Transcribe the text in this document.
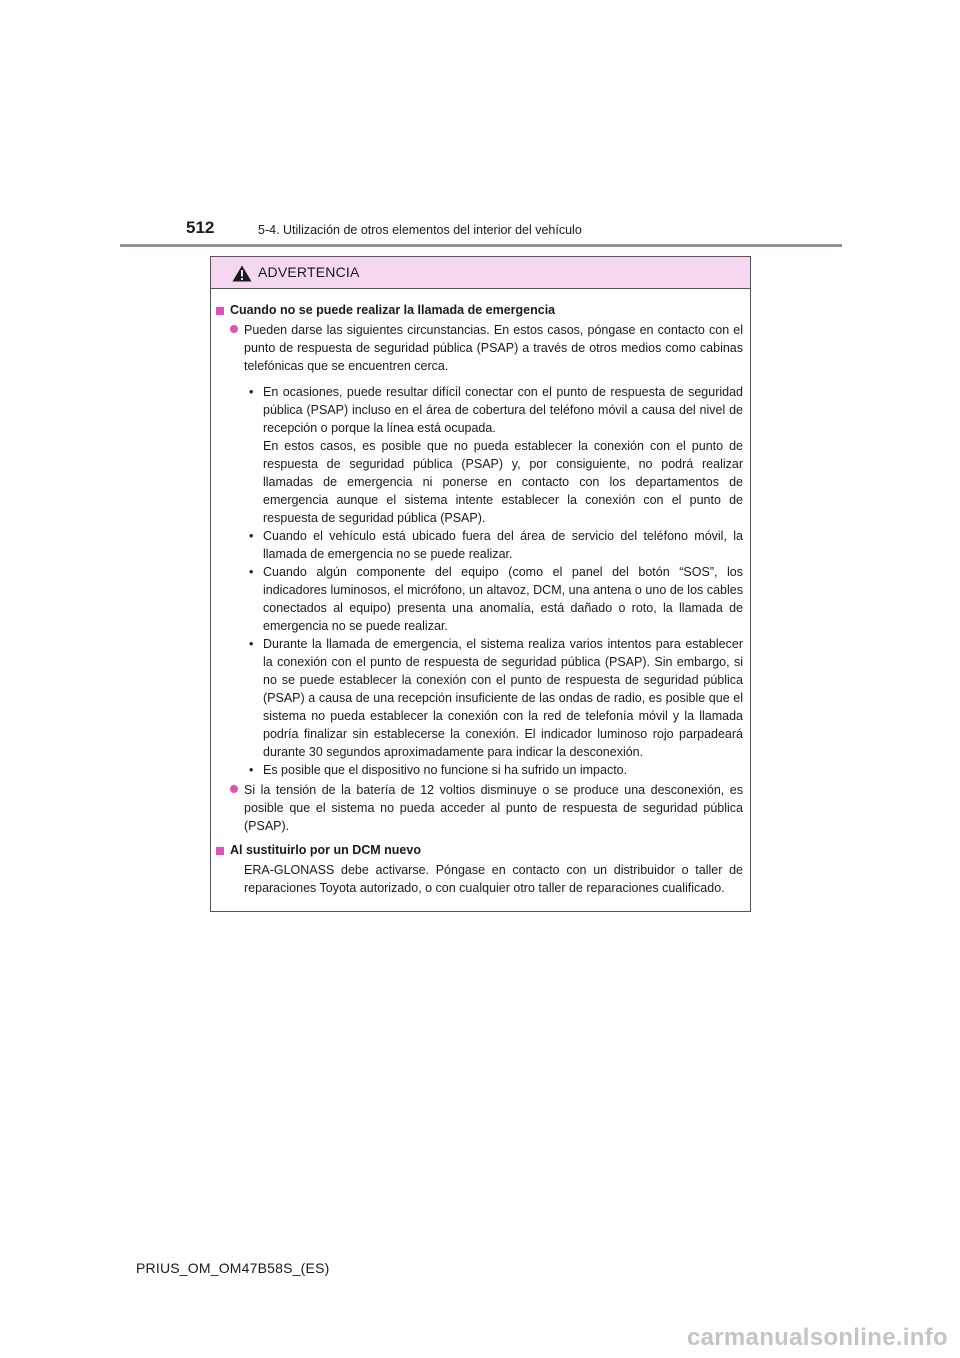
512	5-4. Utilización de otros elementos del interior del vehículo
ADVERTENCIA
Cuando no se puede realizar la llamada de emergencia
Pueden darse las siguientes circunstancias. En estos casos, póngase en contacto con el punto de respuesta de seguridad pública (PSAP) a través de otros medios como cabinas telefónicas que se encuentren cerca.
• En ocasiones, puede resultar difícil conectar con el punto de respuesta de seguridad pública (PSAP) incluso en el área de cobertura del teléfono móvil a causa del nivel de recepción o porque la línea está ocupada.
En estos casos, es posible que no pueda establecer la conexión con el punto de respuesta de seguridad pública (PSAP) y, por consiguiente, no podrá realizar llamadas de emergencia ni ponerse en contacto con los departamentos de emergencia aunque el sistema intente establecer la conexión con el punto de respuesta de seguridad pública (PSAP).
• Cuando el vehículo está ubicado fuera del área de servicio del teléfono móvil, la llamada de emergencia no se puede realizar.
• Cuando algún componente del equipo (como el panel del botón “SOS”, los indicadores luminosos, el micrófono, un altavoz, DCM, una antena o uno de los cables conectados al equipo) presenta una anomalía, está dañado o roto, la llamada de emergencia no se puede realizar.
• Durante la llamada de emergencia, el sistema realiza varios intentos para establecer la conexión con el punto de respuesta de seguridad pública (PSAP). Sin embargo, si no se puede establecer la conexión con el punto de respuesta de seguridad pública (PSAP) a causa de una recepción insuficiente de las ondas de radio, es posible que el sistema no pueda establecer la conexión con la red de telefonía móvil y la llamada podría finalizar sin establecerse la conexión. El indicador luminoso rojo parpadeará durante 30 segundos aproximadamente para indicar la desconexión.
• Es posible que el dispositivo no funcione si ha sufrido un impacto.
Si la tensión de la batería de 12 voltios disminuye o se produce una desconexión, es posible que el sistema no pueda acceder al punto de respuesta de seguridad pública (PSAP).
Al sustituirlo por un DCM nuevo
ERA-GLONASS debe activarse. Póngase en contacto con un distribuidor o taller de reparaciones Toyota autorizado, o con cualquier otro taller de reparaciones cualificado.
PRIUS_OM_OM47B58S_(ES)
carmanualsonline.info
